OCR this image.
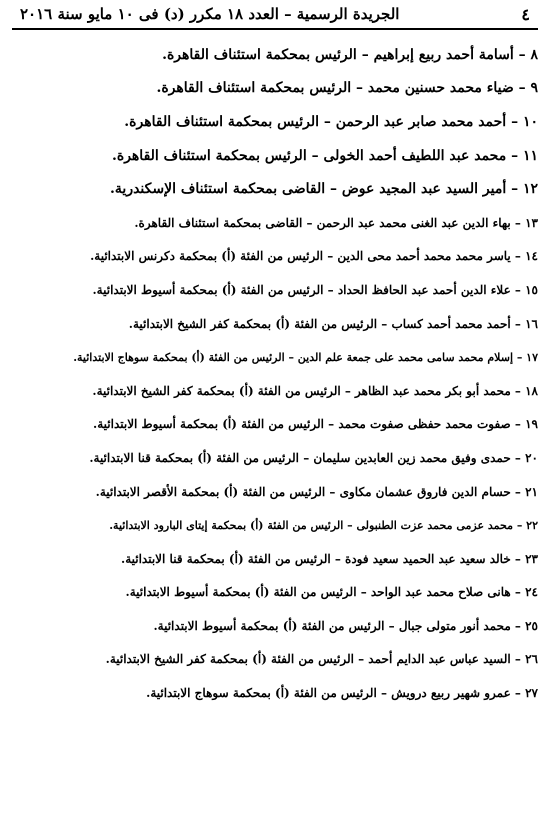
٤
الجريدة الرسمية – العدد ١٨ مكرر (د) فى ١٠ مايو سنة ٢٠١٦
٨ – أسامة أحمد ربيع إبراهيم – الرئيس بمحكمة استئناف القاهرة.
٩ – ضياء محمد حسنين محمد – الرئيس بمحكمة استئناف القاهرة.
١٠ – أحمد محمد صابر عبد الرحمن – الرئيس بمحكمة استئناف القاهرة.
١١ – محمد عبد اللطيف أحمد الخولى – الرئيس بمحكمة استئناف القاهرة.
١٢ – أمير السيد عبد المجيد عوض – القاضى بمحكمة استئناف الإسكندرية.
١٣ – بهاء الدين عبد الغنى محمد عبد الرحمن – القاضى بمحكمة استئناف القاهرة.
١٤ – ياسر محمد محمد أحمد محى الدين – الرئيس من الفئة (أ) بمحكمة دكرنس الابتدائية.
١٥ – علاء الدين أحمد عبد الحافظ الحداد – الرئيس من الفئة (أ) بمحكمة أسيوط الابتدائية.
١٦ – أحمد محمد أحمد كساب – الرئيس من الفئة (أ) بمحكمة كفر الشيخ الابتدائية.
١٧ – إسلام محمد سامى محمد على جمعة علم الدين – الرئيس من الفئة (أ) بمحكمة سوهاج الابتدائية.
١٨ – محمد أبو بكر محمد عبد الظاهر – الرئيس من الفئة (أ) بمحكمة كفر الشيخ الابتدائية.
١٩ – صفوت محمد حفظى صفوت محمد – الرئيس من الفئة (أ) بمحكمة أسيوط الابتدائية.
٢٠ – حمدى وفيق محمد زين العابدين سليمان – الرئيس من الفئة (أ) بمحكمة قنا الابتدائية.
٢١ – حسام الدين فاروق عشمان مكاوى – الرئيس من الفئة (أ) بمحكمة الأقصر الابتدائية.
٢٢ – محمد عزمى محمد عزت الطنبولى – الرئيس من الفئة (أ) بمحكمة إيتاى البارود الابتدائية.
٢٣ – خالد سعيد عبد الحميد سعيد فودة – الرئيس من الفئة (أ) بمحكمة قنا الابتدائية.
٢٤ – هانى صلاح محمد عبد الواحد – الرئيس من الفئة (أ) بمحكمة أسيوط الابتدائية.
٢٥ – محمد أنور متولى جبال – الرئيس من الفئة (أ) بمحكمة أسيوط الابتدائية.
٢٦ – السيد عباس عبد الدايم أحمد – الرئيس من الفئة (أ) بمحكمة كفر الشيخ الابتدائية.
٢٧ – عمرو شهير ربيع درويش – الرئيس من الفئة (أ) بمحكمة سوهاج الابتدائية.
